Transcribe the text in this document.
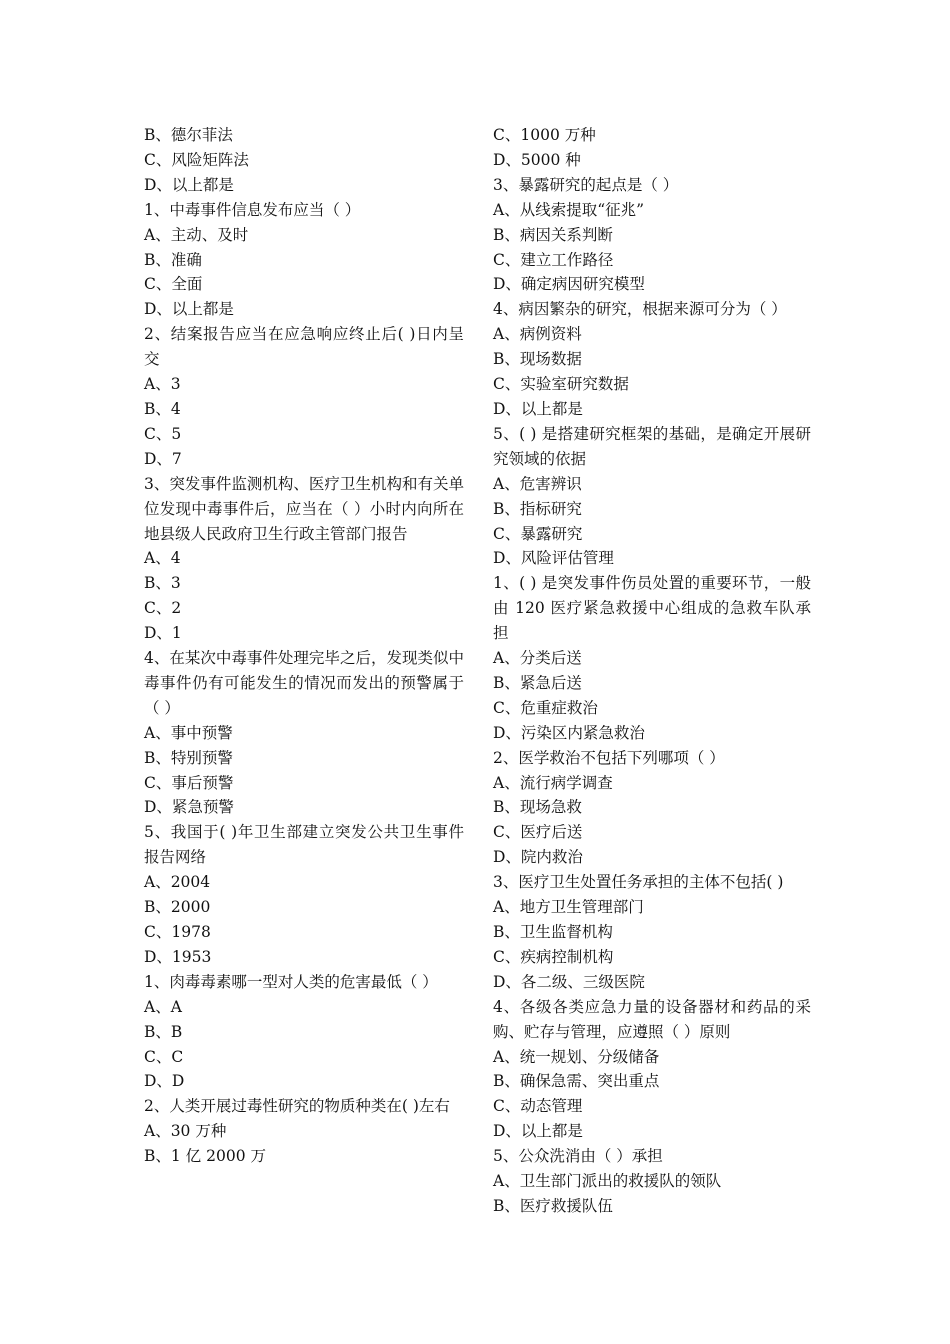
B、德尔菲法
C、风险矩阵法
D、以上都是
1、中毒事件信息发布应当（ ）
A、主动、及时
B、准确
C、全面
D、以上都是
2、结案报告应当在应急响应终止后( )日内呈交
A、3
B、4
C、5
D、7
3、突发事件监测机构、医疗卫生机构和有关单位发现中毒事件后，应当在（ ）小时内向所在地县级人民政府卫生行政主管部门报告
A、4
B、3
C、2
D、1
4、在某次中毒事件处理完毕之后，发现类似中毒事件仍有可能发生的情况而发出的预警属于（ ）
A、事中预警
B、特别预警
C、事后预警
D、紧急预警
5、我国于( )年卫生部建立突发公共卫生事件报告网络
A、2004
B、2000
C、1978
D、1953
1、肉毒毒素哪一型对人类的危害最低（ ）
A、A
B、B
C、C
D、D
2、人类开展过毒性研究的物质种类在( )左右
A、30 万种
B、1 亿 2000 万
C、1000 万种
D、5000 种
3、暴露研究的起点是（ ）
A、从线索提取“征兆”
B、病因关系判断
C、建立工作路径
D、确定病因研究模型
4、病因繁杂的研究，根据来源可分为（ ）
A、病例资料
B、现场数据
C、实验室研究数据
D、以上都是
5、( ) 是搭建研究框架的基础，是确定开展研究领域的依据
A、危害辨识
B、指标研究
C、暴露研究
D、风险评估管理
1、( ) 是突发事件伤员处置的重要环节，一般由 120 医疗紧急救援中心组成的急救车队承担
A、分类后送
B、紧急后送
C、危重症救治
D、污染区内紧急救治
2、医学救治不包括下列哪项（ ）
A、流行病学调查
B、现场急救
C、医疗后送
D、院内救治
3、医疗卫生处置任务承担的主体不包括( )
A、地方卫生管理部门
B、卫生监督机构
C、疾病控制机构
D、各二级、三级医院
4、各级各类应急力量的设备器材和药品的采购、贮存与管理，应遵照（ ）原则
A、统一规划、分级储备
B、确保急需、突出重点
C、动态管理
D、以上都是
5、公众洗消由（ ）承担
A、卫生部门派出的救援队的领队
B、医疗救援队伍
